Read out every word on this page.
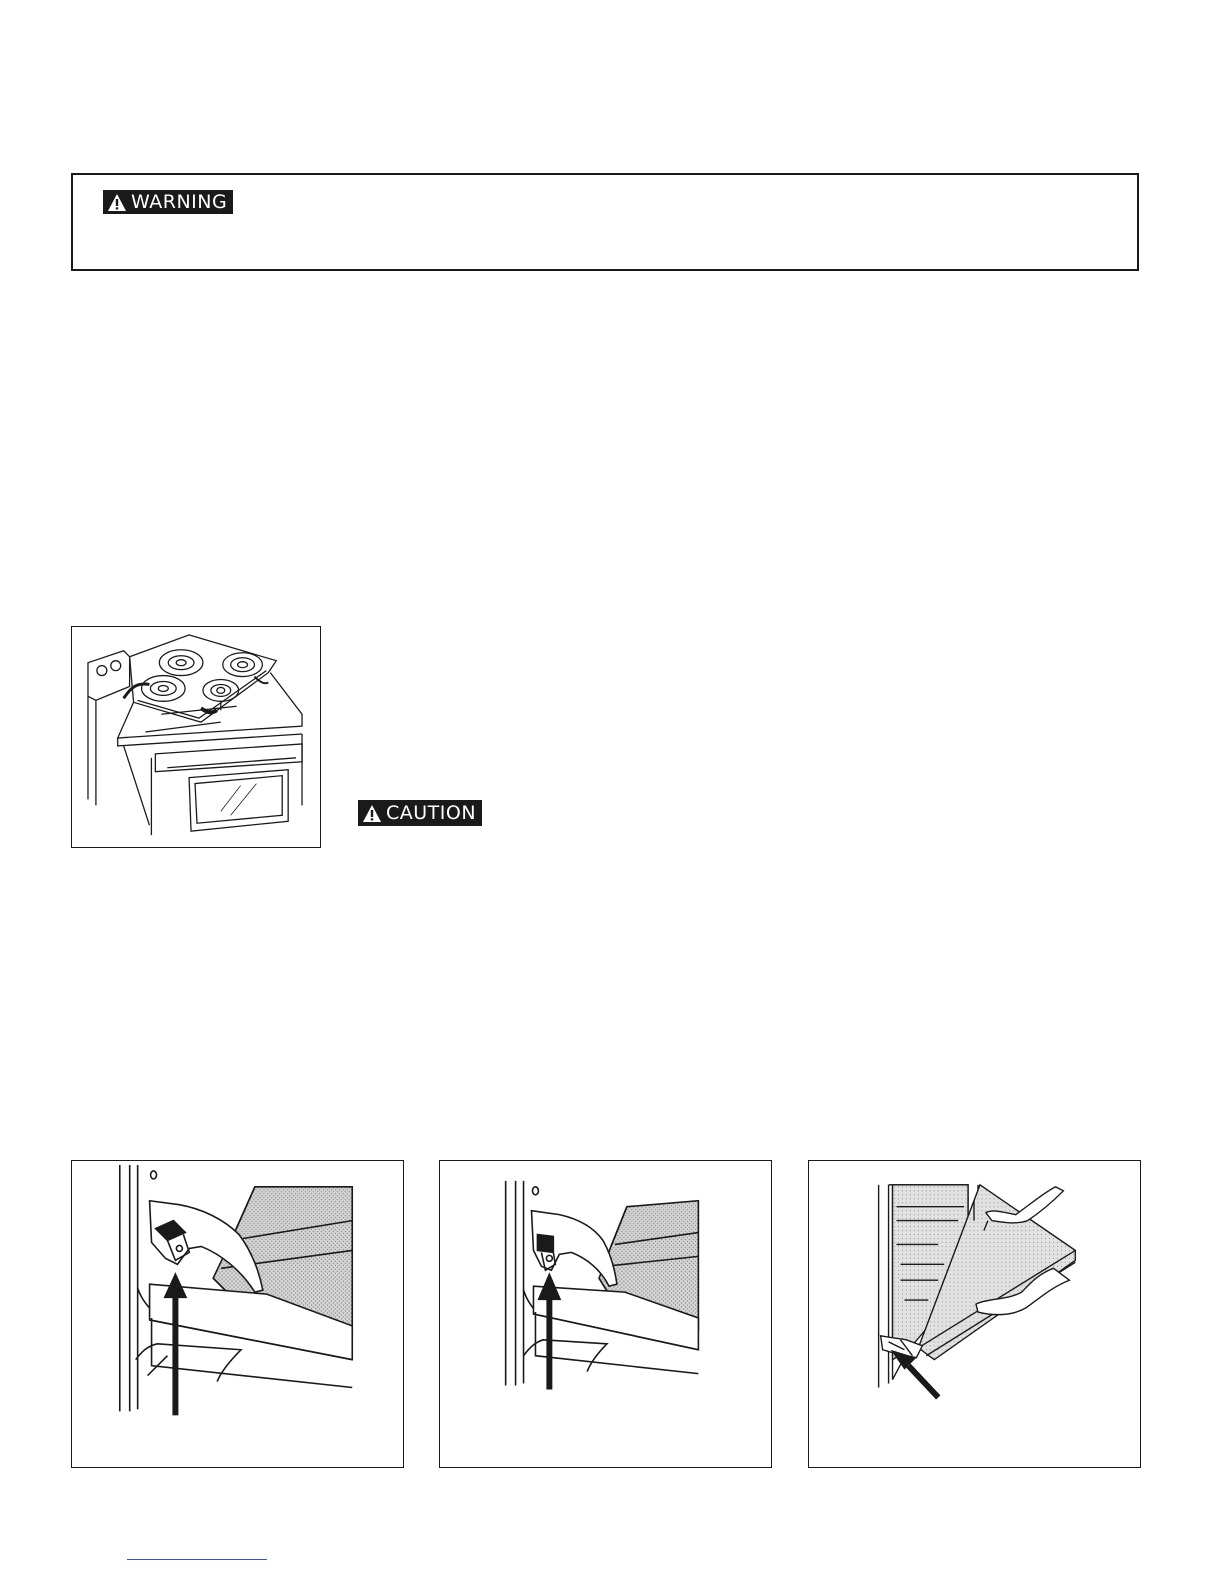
WARNING
CAUTION
